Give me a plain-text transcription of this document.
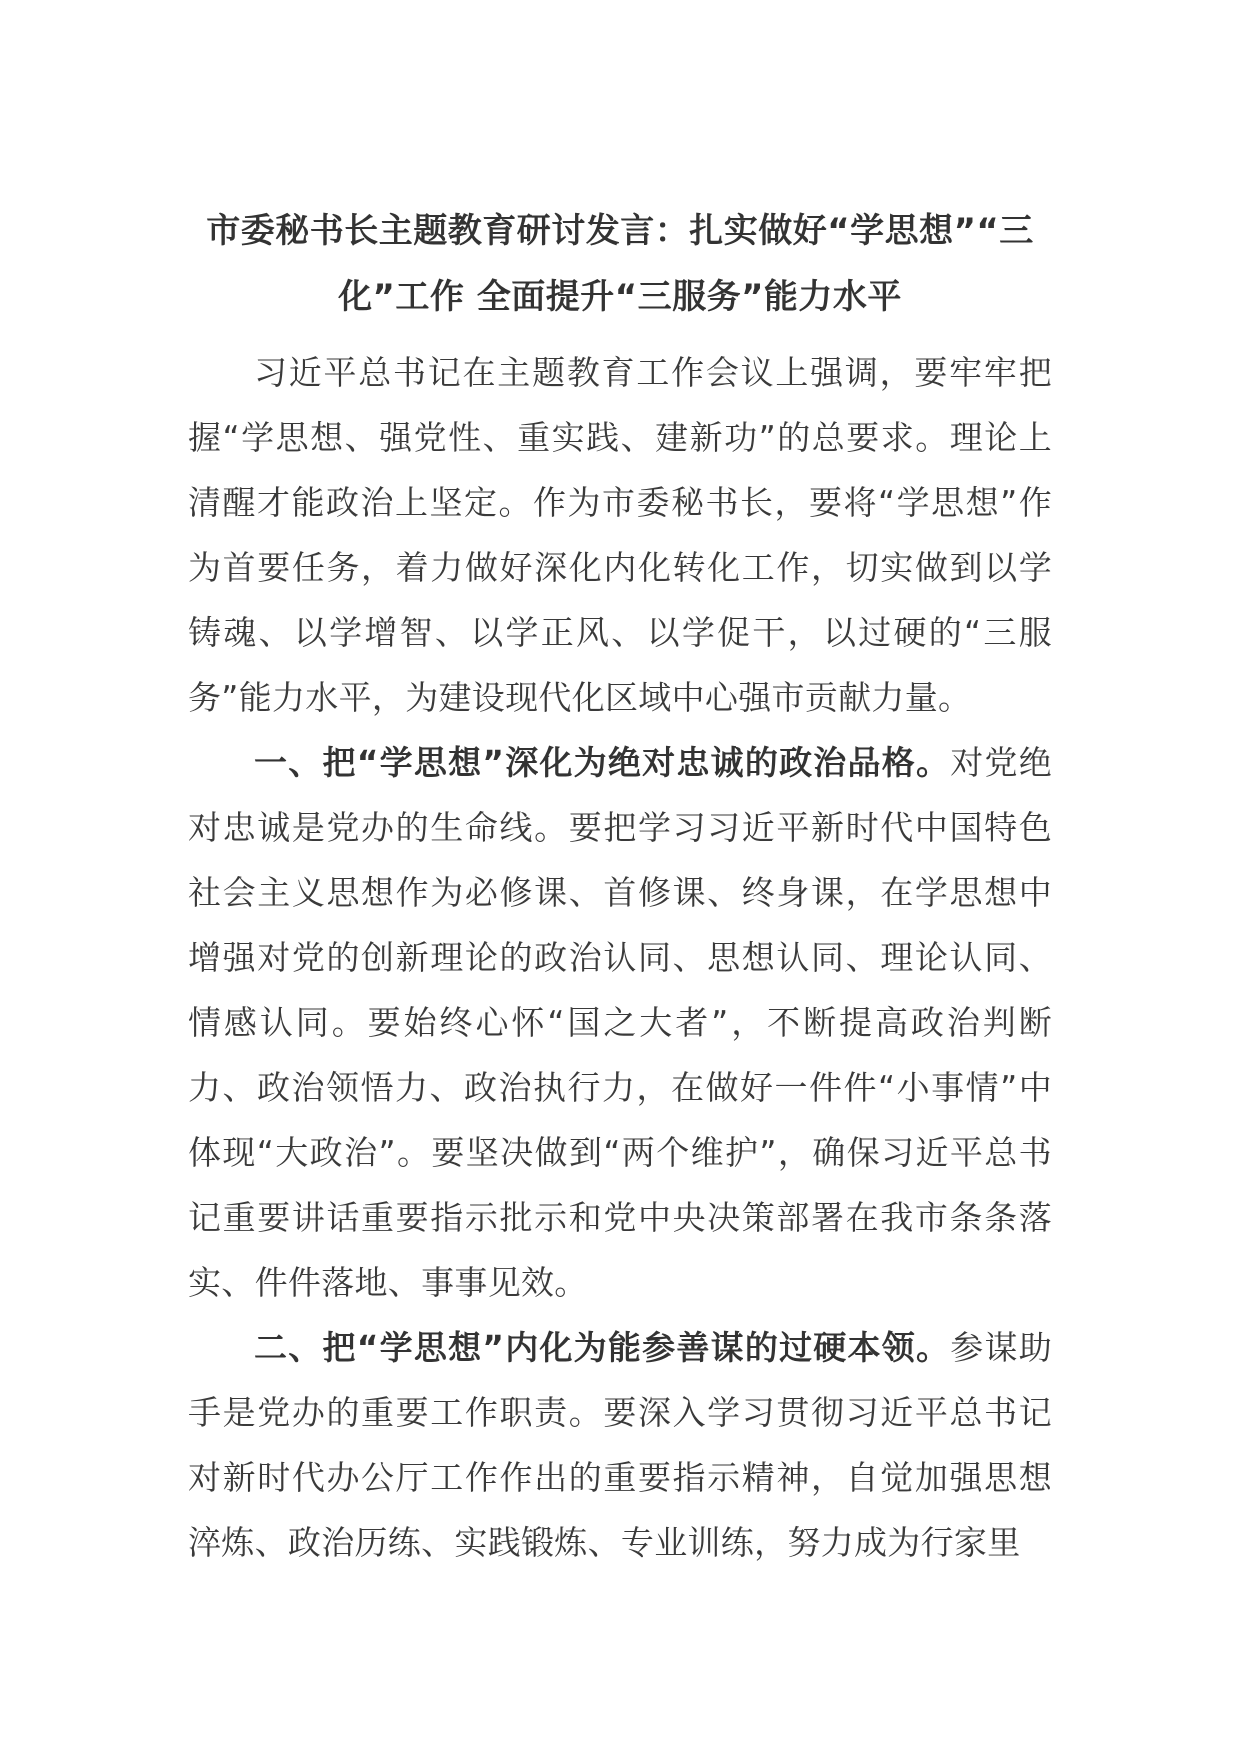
市委秘书长主题教育研讨发言：扎实做好“学思想”“三化”工作 全面提升“三服务”能力水平

习近平总书记在主题教育工作会议上强调，要牢牢把握“学思想、强党性、重实践、建新功”的总要求。理论上清醒才能政治上坚定。作为市委秘书长，要将“学思想”作为首要任务，着力做好深化内化转化工作，切实做到以学铸魂、以学增智、以学正风、以学促干，以过硬的“三服务”能力水平，为建设现代化区域中心强市贡献力量。

一、把“学思想”深化为绝对忠诚的政治品格。对党绝对忠诚是党办的生命线。要把学习习近平新时代中国特色社会主义思想作为必修课、首修课、终身课，在学思想中增强对党的创新理论的政治认同、思想认同、理论认同、情感认同。要始终心怀“国之大者”，不断提高政治判断力、政治领悟力、政治执行力，在做好一件件“小事情”中体现“大政治”。要坚决做到“两个维护”，确保习近平总书记重要讲话重要指示批示和党中央决策部署在我市条条落实、件件落地、事事见效。

二、把“学思想”内化为能参善谋的过硬本领。参谋助手是党办的重要工作职责。要深入学习贯彻习近平总书记对新时代办公厅工作作出的重要指示精神，自觉加强思想淬炼、政治历练、实践锻炼、专业训练，努力成为行家里
